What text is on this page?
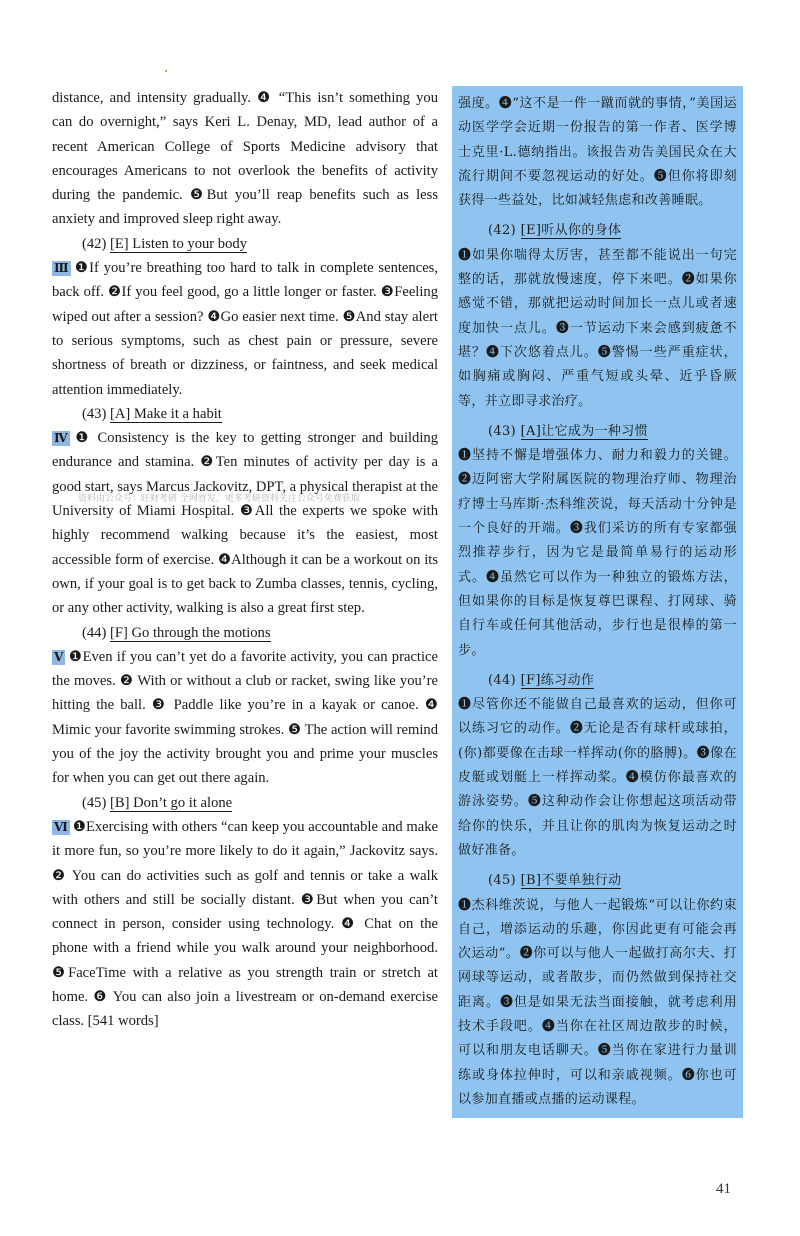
distance, and intensity gradually. ❹ “This isn’t something you can do overnight,” says Keri L. Denay, MD, lead author of a recent American College of Sports Medicine advisory that encourages Americans to not overlook the benefits of activity during the pandemic. ❺But you’ll reap benefits such as less anxiety and improved sleep right away.

(42) [E] Listen to your body

Ⅲ ❶If you’re breathing too hard to talk in complete sentences, back off. ❷If you feel good, go a little longer or faster. ❸Feeling wiped out after a session? ❹Go easier next time. ❺And stay alert to serious symptoms, such as chest pain or pressure, severe shortness of breath or dizziness, or faintness, and seek medical attention immediately.

(43) [A] Make it a habit

Ⅳ ❶ Consistency is the key to getting stronger and building endurance and stamina. ❷Ten minutes of activity per day is a good start, says Marcus Jackovitz, DPT, a physical therapist at the University of Miami Hospital. ❸All the experts we spoke with highly recommend walking because it’s the easiest, most accessible form of exercise. ❹Although it can be a workout on its own, if your goal is to get back to Zumba classes, tennis, cycling, or any other activity, walking is also a great first step.

(44) [F] Go through the motions

Ⅴ ❶Even if you can’t yet do a favorite activity, you can practice the moves. ❷ With or without a club or racket, swing like you’re hitting the ball. ❸ Paddle like you’re in a kayak or canoe. ❹ Mimic your favorite swimming strokes. ❺ The action will remind you of the joy the activity brought you and prime your muscles for when you can get out there again.

(45) [B] Don’t go it alone

Ⅵ ❶Exercising with others “can keep you accountable and make it more fun, so you’re more likely to do it again,” Jackovitz says. ❷ You can do activities such as golf and tennis or take a walk with others and still be socially distant. ❸But when you can’t connect in person, consider using technology. ❹ Chat on the phone with a friend while you walk around your neighborhood. ❺FaceTime with a relative as you strength train or stretch at home. ❻ You can also join a livestream or on-demand exercise class. [541 words]

强度。❹“这不是一件一蹴而就的事情，”美国运动医学学会近期一份报告的第一作者、医学博士克里·L.德纳指出。该报告劝告美国民众在大流行期间不要忽视运动的好处。❺但你将即刻获得一些益处，比如减轻焦虑和改善睡眠。

(42) [E]听从你的身体

❶如果你喘得太厉害，甚至都不能说出一句完整的话，那就放慢速度，停下来吧。❷如果你感觉不错，那就把运动时间加长一点儿或者速度加快一点儿。❸一节运动下来会感到疲惫不堪？❹下次悠着点儿。❺警惕一些严重症状，如胸痛或胸闷、严重气短或头晕、近乎昏厥等，并立即寻求治疗。

(43) [A]让它成为一种习惯

❶坚持不懈是增强体力、耐力和毅力的关键。❷迈阿密大学附属医院的物理治疗师、物理治疗博士马库斯·杰科维茨说，每天活动十分钟是一个良好的开端。❸我们采访的所有专家都强烈推荐步行，因为它是最简单易行的运动形式。❹虽然它可以作为一种独立的锻炼方法，但如果你的目标是恢复尊巴课程、打网球、骑自行车或任何其他活动，步行也是很棒的第一步。

(44) [F]练习动作

❶尽管你还不能做自己最喜欢的运动，但你可以练习它的动作。❷无论是否有球杆或球拍，(你)都要像在击球一样挥动(你的胳膊)。❸像在皮艇或划艇上一样挥动桨。❹模仿你最喜欢的游泳姿势。❺这种动作会让你想起这项活动带给你的快乐，并且让你的肌肉为恢复运动之时做好准备。

(45) [B]不要单独行动

❶杰科维茨说，与他人一起锻炼“可以让你约束自己，增添运动的乐趣，你因此更有可能会再次运动”。❷你可以与他人一起做打高尔夫、打网球等运动，或者散步，而仍然做到保持社交距离。❸但是如果无法当面接触，就考虑利用技术手段吧。❹当你在社区周边散步的时候，可以和朋友电话聊天。❺当你在家进行力量训练或身体拉伸时，可以和亲戚视频。❻你也可以参加直播或点播的运动课程。

资料由公众号：旺财考研 全网首发，更多考研资料关注公众号免费获取
41
